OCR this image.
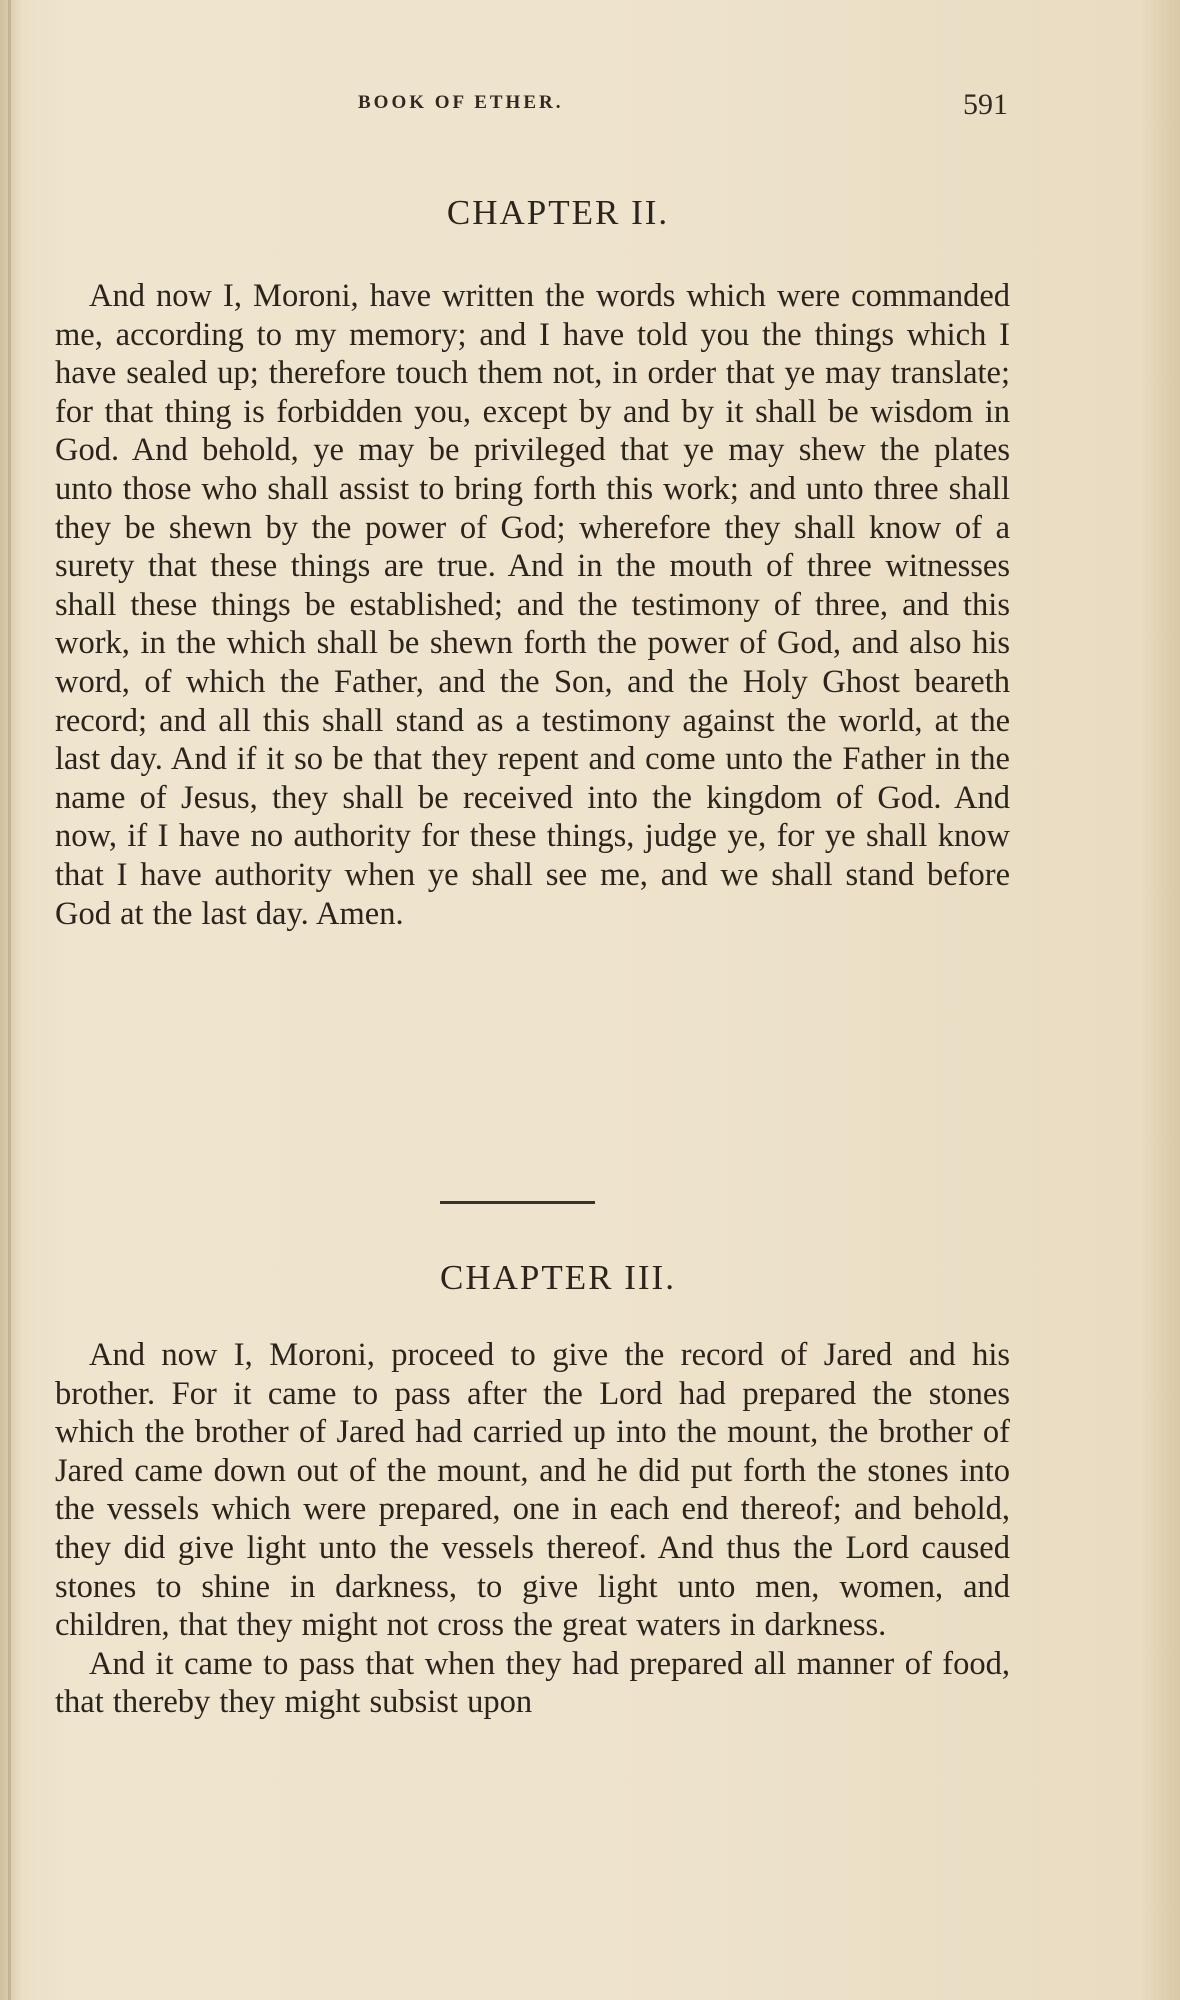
BOOK OF ETHER.	591
CHAPTER II.

And now I, Moroni, have written the words which were commanded me, according to my memory; and I have told you the things which I have sealed up; therefore touch them not, in order that ye may translate; for that thing is forbidden you, except by and by it shall be wisdom in God. And behold, ye may be privileged that ye may shew the plates unto those who shall assist to bring forth this work; and unto three shall they be shewn by the power of God; wherefore they shall know of a surety that these things are true. And in the mouth of three witnesses shall these things be established; and the testimony of three, and this work, in the which shall be shewn forth the power of God, and also his word, of which the Father, and the Son, and the Holy Ghost beareth record; and all this shall stand as a testimony against the world, at the last day. And if it so be that they repent and come unto the Father in the name of Jesus, they shall be received into the kingdom of God. And now, if I have no authority for these things, judge ye, for ye shall know that I have authority when ye shall see me, and we shall stand before God at the last day. Amen.

CHAPTER III.

And now I, Moroni, proceed to give the record of Jared and his brother. For it came to pass after the Lord had prepared the stones which the brother of Jared had carried up into the mount, the brother of Jared came down out of the mount, and he did put forth the stones into the vessels which were prepared, one in each end thereof; and behold, they did give light unto the vessels thereof. And thus the Lord caused stones to shine in darkness, to give light unto men, women, and children, that they might not cross the great waters in darkness.

And it came to pass that when they had prepared all manner of food, that thereby they might subsist upon
